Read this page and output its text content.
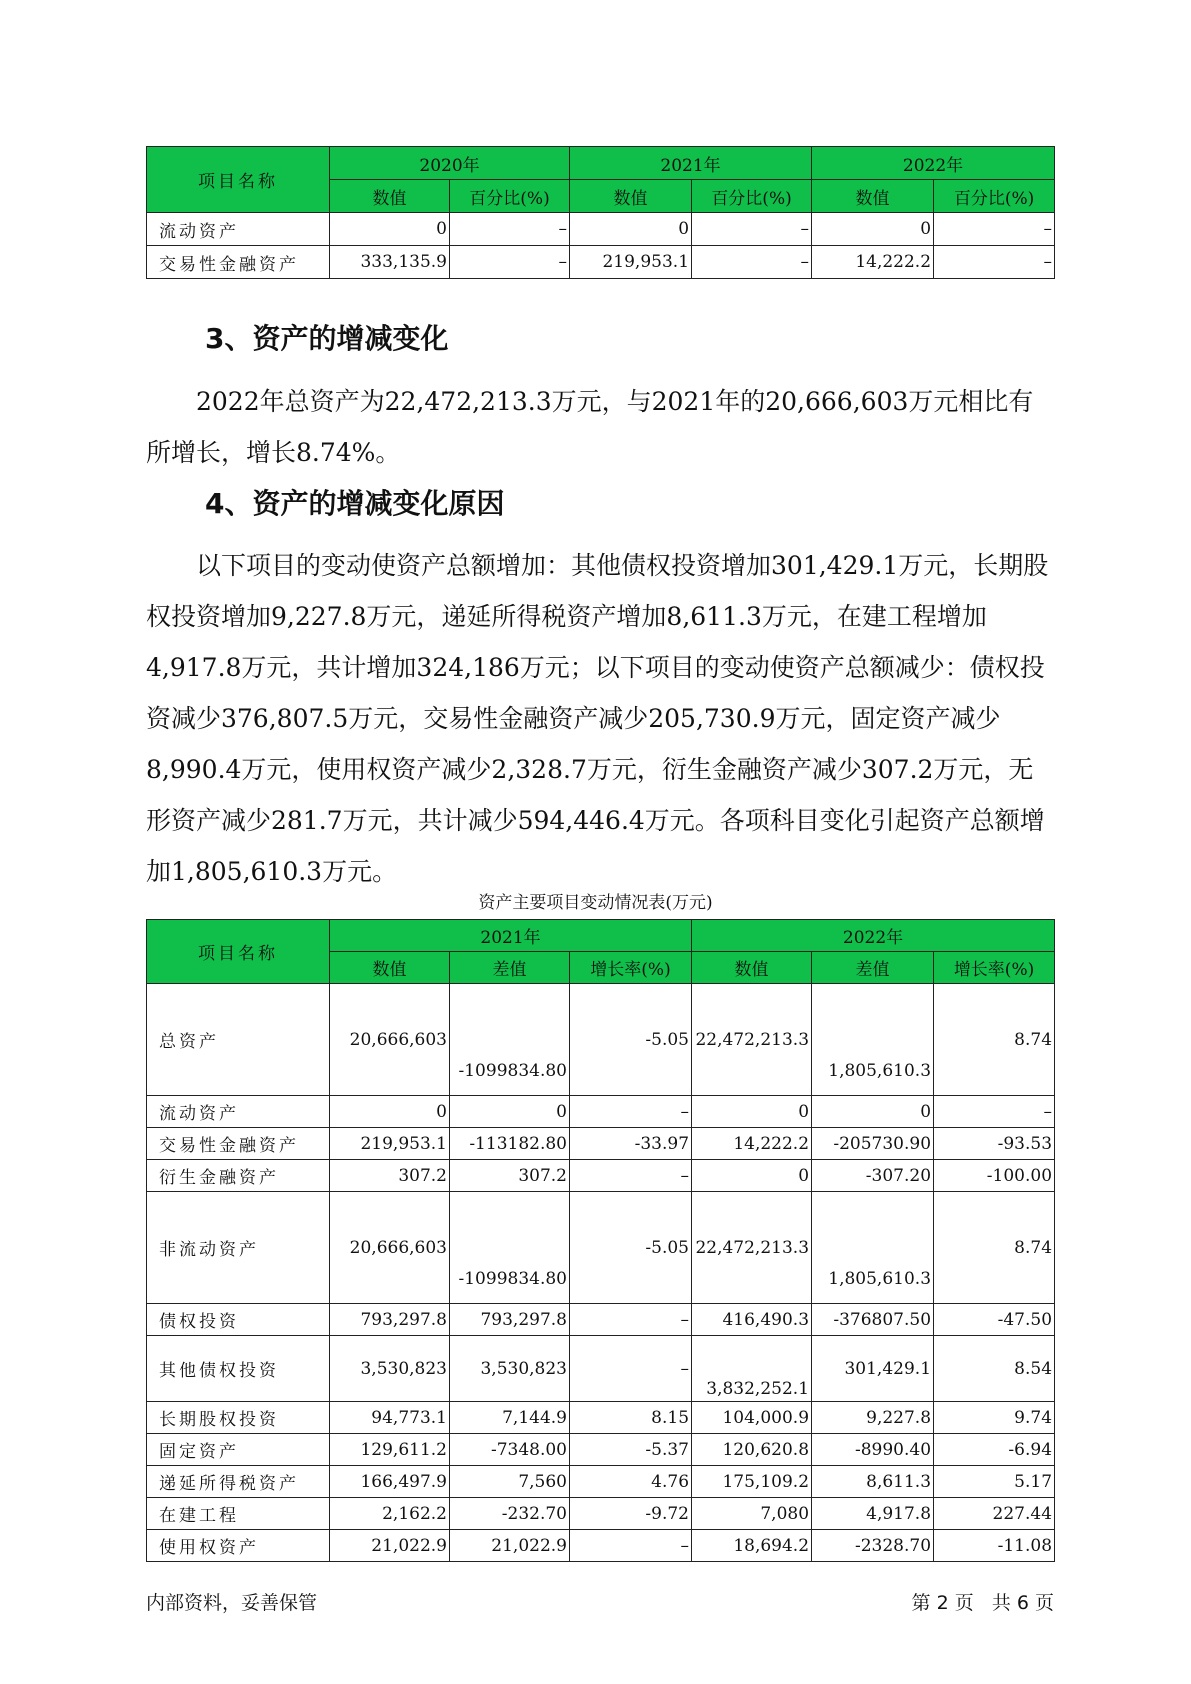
项目名称	2020年		2021年		2022年	
	数值	百分比(%)	数值	百分比(%)	数值	百分比(%)
流动资产	0	–	0	–	0	–
交易性金融资产	333,135.9	–	219,953.1	–	14,222.2	–
3、资产的增减变化

2022年总资产为22,472,213.3万元，与2021年的20,666,603万元相比有所增长，增长8.74%。

4、资产的增减变化原因

以下项目的变动使资产总额增加：其他债权投资增加301,429.1万元，长期股权投资增加9,227.8万元，递延所得税资产增加8,611.3万元，在建工程增加4,917.8万元，共计增加324,186万元；以下项目的变动使资产总额减少：债权投资减少376,807.5万元，交易性金融资产减少205,730.9万元，固定资产减少8,990.4万元，使用权资产减少2,328.7万元，衍生金融资产减少307.2万元，无形资产减少281.7万元，共计减少594,446.4万元。各项科目变化引起资产总额增加1,805,610.3万元。

资产主要项目变动情况表(万元)
项目名称	2021年			2022年		
	数值	差值	增长率(%)	数值	差值	增长率(%)
总资产	20,666,603	-1099834.80	-5.05	22,472,213.3	1,805,610.3	8.74
流动资产	0	0	–	0	0	–
交易性金融资产	219,953.1	-113182.80	-33.97	14,222.2	-205730.90	-93.53
衍生金融资产	307.2	307.2	–	0	-307.20	-100.00
非流动资产	20,666,603	-1099834.80	-5.05	22,472,213.3	1,805,610.3	8.74
债权投资	793,297.8	793,297.8	–	416,490.3	-376807.50	-47.50
其他债权投资	3,530,823	3,530,823	–	3,832,252.1	301,429.1	8.54
长期股权投资	94,773.1	7,144.9	8.15	104,000.9	9,227.8	9.74
固定资产	129,611.2	-7348.00	-5.37	120,620.8	-8990.40	-6.94
递延所得税资产	166,497.9	7,560	4.76	175,109.2	8,611.3	5.17
在建工程	2,162.2	-232.70	-9.72	7,080	4,917.8	227.44
使用权资产	21,022.9	21,022.9	–	18,694.2	-2328.70	-11.08
内部资料，妥善保管	第 2 页   共 6 页
